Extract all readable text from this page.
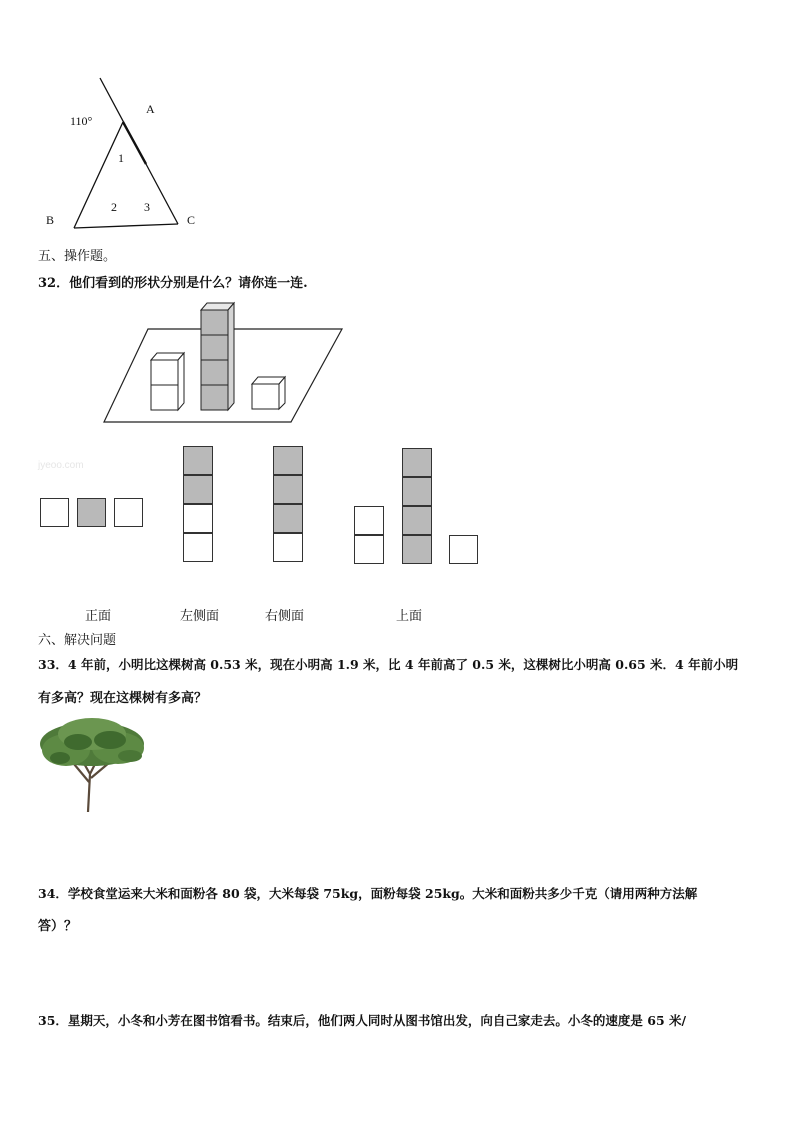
110°
A
1
2 3
B	C
五、操作题。
32．他们看到的形状分别是什么？请你连一连.
jyeoo.com
正面	左侧面	右侧面	上面
六、解决问题
33．4 年前，小明比这棵树高 0.53 米，现在小明高 1.9 米，比 4 年前高了 0.5 米，这棵树比小明高 0.65 米．4 年前小明
有多高？现在这棵树有多高？
34．学校食堂运来大米和面粉各 80 袋，大米每袋 75kg，面粉每袋 25kg。大米和面粉共多少千克（请用两种方法解
答）？
35．星期天，小冬和小芳在图书馆看书。结束后，他们两人同时从图书馆出发，向自己家走去。小冬的速度是 65 米/
